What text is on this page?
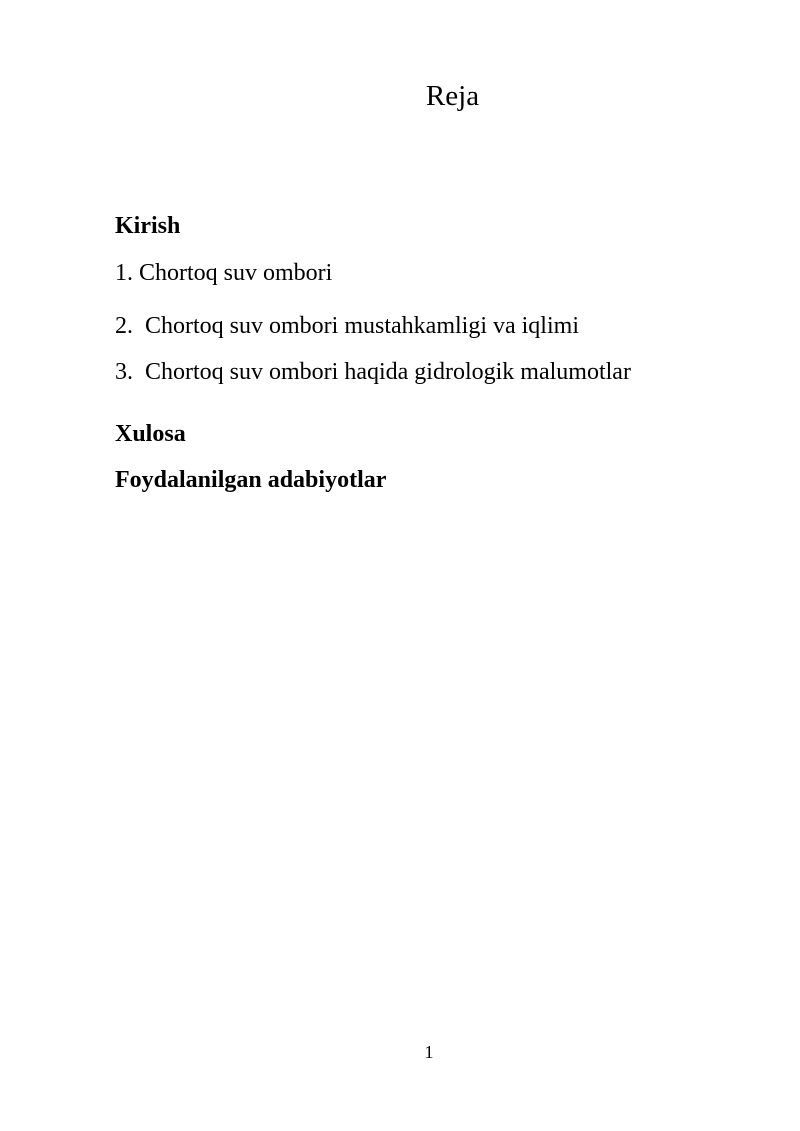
Reja

Kirish

1. Chortoq suv ombori

2. Chortoq suv ombori mustahkamligi va iqlimi

3. Chortoq suv ombori haqida gidrologik malumotlar

Xulosa

Foydalanilgan adabiyotlar

1
